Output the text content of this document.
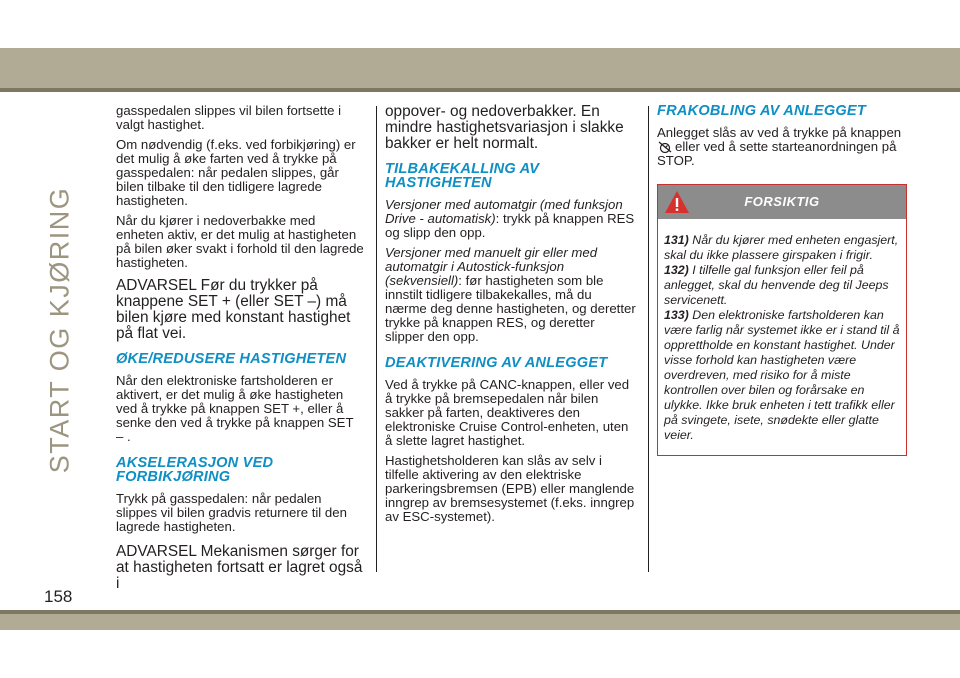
START OG KJØRING
158

gasspedalen slippes vil bilen fortsette i valgt hastighet.

Om nødvendig (f.eks. ved forbikjøring) er det mulig å øke farten ved å trykke på gasspedalen: når pedalen slippes, går bilen tilbake til den tidligere lagrede hastigheten.

Når du kjører i nedoverbakke med enheten aktiv, er det mulig at hastigheten på bilen øker svakt i forhold til den lagrede hastigheten.

ADVARSEL Før du trykker på knappene SET + (eller SET –) må bilen kjøre med konstant hastighet på flat vei.

ØKE/REDUSERE HASTIGHETEN

Når den elektroniske fartsholderen er aktivert, er det mulig å øke hastigheten ved å trykke på knappen SET +, eller å senke den ved å trykke på knappen SET – .

AKSELERASJON VED FORBIKJØRING

Trykk på gasspedalen: når pedalen slippes vil bilen gradvis returnere til den lagrede hastigheten.

ADVARSEL Mekanismen sørger for at hastigheten fortsatt er lagret også i

oppover- og nedoverbakker. En mindre hastighetsvariasjon i slakke bakker er helt normalt.

TILBAKEKALLING AV HASTIGHETEN

Versjoner med automatgir (med funksjon Drive - automatisk): trykk på knappen RES og slipp den opp.

Versjoner med manuelt gir eller med automatgir i Autostick-funksjon (sekvensiell): før hastigheten som ble innstilt tidligere tilbakekalles, må du nærme deg denne hastigheten, og deretter trykke på knappen RES, og deretter slipper den opp.

DEAKTIVERING AV ANLEGGET

Ved å trykke på CANC-knappen, eller ved å trykke på bremsepedalen når bilen sakker på farten, deaktiveres den elektroniske Cruise Control-enheten, uten å slette lagret hastighet.

Hastighetsholderen kan slås av selv i tilfelle aktivering av den elektriske parkeringsbremsen (EPB) eller manglende inngrep av bremsesystemet (f.eks. inngrep av ESC-systemet).

FRAKOBLING AV ANLEGGET

Anlegget slås av ved å trykke på knappen
eller ved å sette starteanordningen på STOP.

FORSIKTIG

131) Når du kjører med enheten engasjert, skal du ikke plassere girspaken i frigir.

132) I tilfelle gal funksjon eller feil på anlegget, skal du henvende deg til Jeeps servicenett.

133) Den elektroniske fartsholderen kan være farlig når systemet ikke er i stand til å opprettholde en konstant hastighet. Under visse forhold kan hastigheten være overdreven, med risiko for å miste kontrollen over bilen og forårsake en ulykke. Ikke bruk enheten i tett trafikk eller på svingete, isete, snødekte eller glatte veier.
